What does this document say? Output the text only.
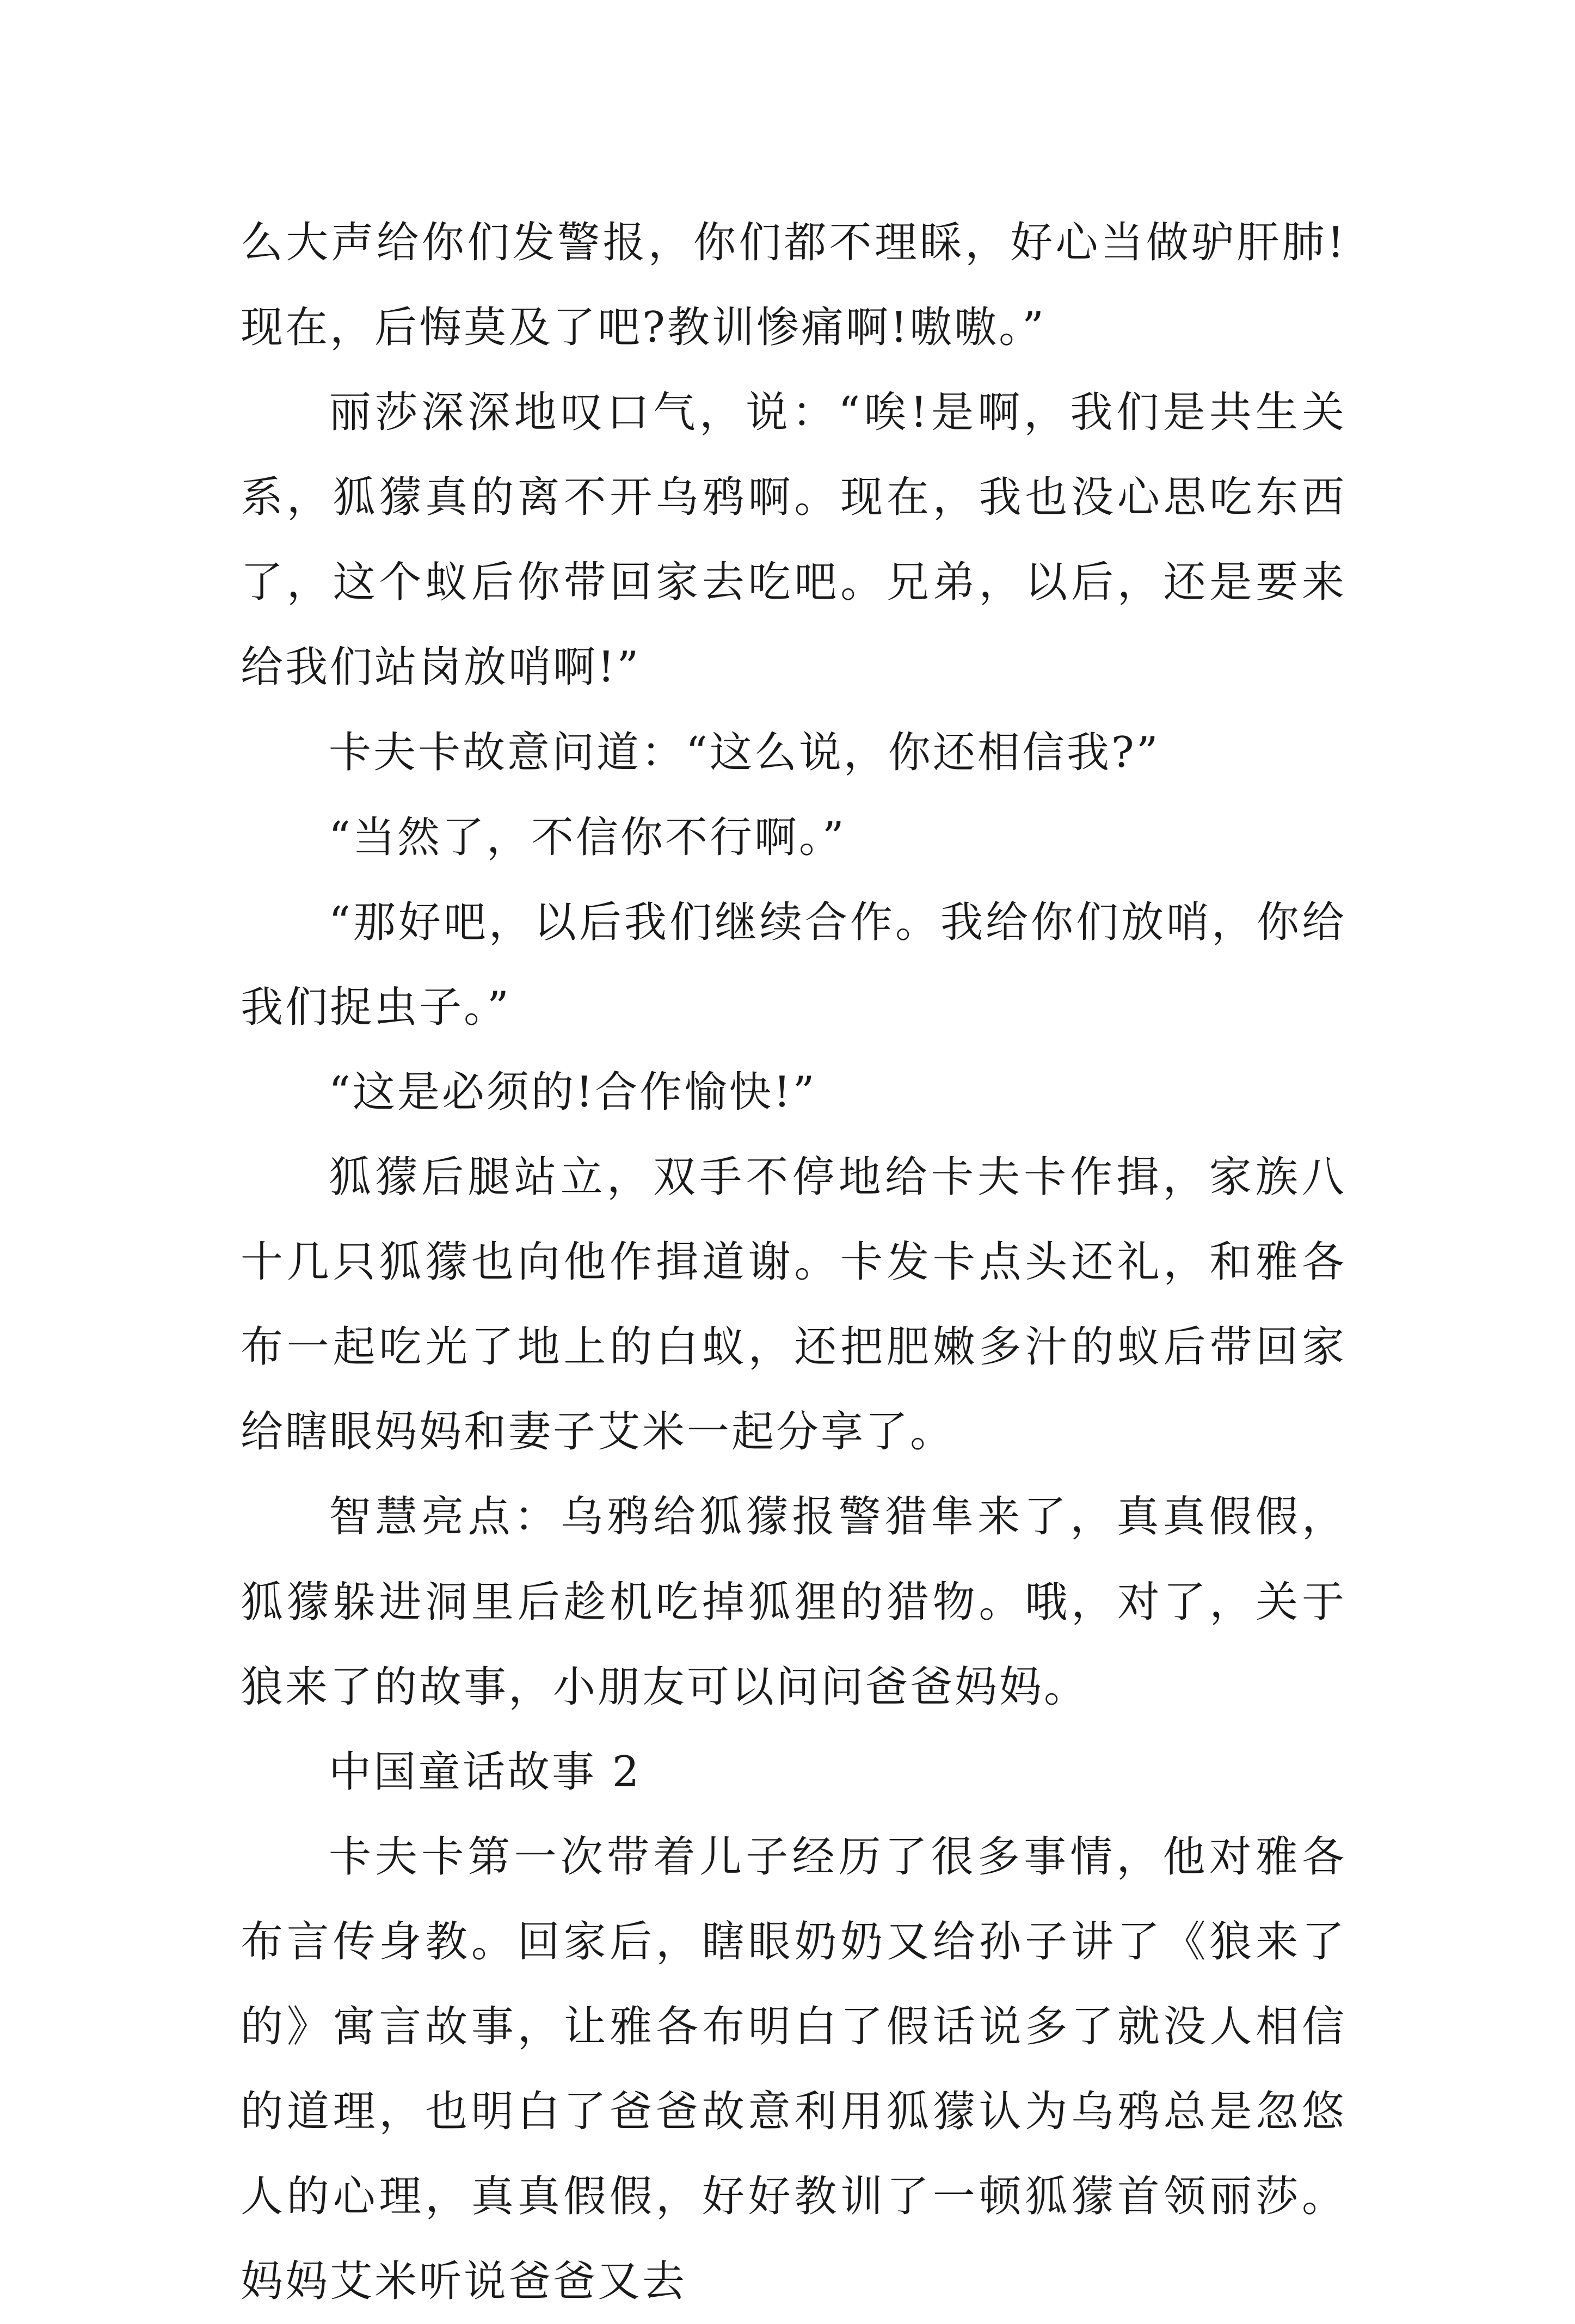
么大声给你们发警报，你们都不理睬，好心当做驴肝肺!现在，后悔莫及了吧?教训惨痛啊!嗷嗷。”

丽莎深深地叹口气，说：“唉!是啊，我们是共生关系，狐獴真的离不开乌鸦啊。现在，我也没心思吃东西了，这个蚁后你带回家去吃吧。兄弟，以后，还是要来给我们站岗放哨啊!”

卡夫卡故意问道：“这么说，你还相信我?”

“当然了，不信你不行啊。”

“那好吧，以后我们继续合作。我给你们放哨，你给我们捉虫子。”

“这是必须的!合作愉快!”

狐獴后腿站立，双手不停地给卡夫卡作揖，家族八十几只狐獴也向他作揖道谢。卡发卡点头还礼，和雅各布一起吃光了地上的白蚁，还把肥嫩多汁的蚁后带回家给瞎眼妈妈和妻子艾米一起分享了。

智慧亮点：乌鸦给狐獴报警猎隼来了，真真假假，狐獴躲进洞里后趁机吃掉狐狸的猎物。哦，对了，关于狼来了的故事，小朋友可以问问爸爸妈妈。

中国童话故事 2

卡夫卡第一次带着儿子经历了很多事情，他对雅各布言传身教。回家后，瞎眼奶奶又给孙子讲了《狼来了的》寓言故事，让雅各布明白了假话说多了就没人相信的道理，也明白了爸爸故意利用狐獴认为乌鸦总是忽悠人的心理，真真假假，好好教训了一顿狐獴首领丽莎。妈妈艾米听说爸爸又去
